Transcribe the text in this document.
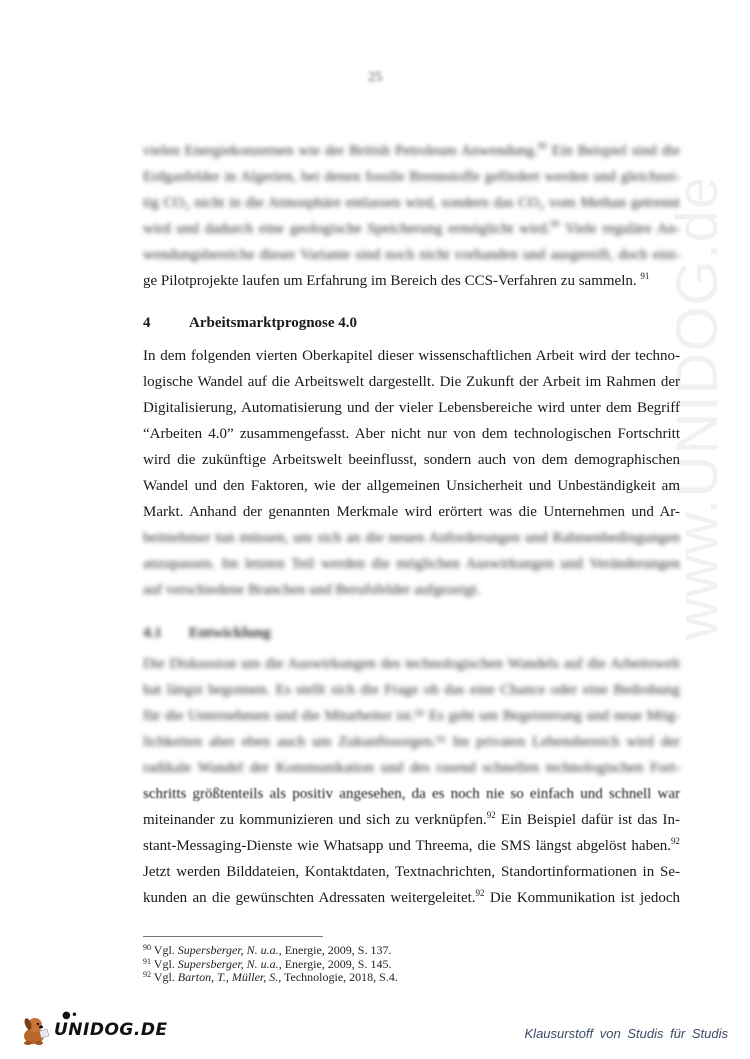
www.UNIDOG.de
25
vielen Energiekonzernen wie der British Petroleum Anwendung.$^{90}$ Ein Beispiel sind die
Erdgasfelder in Algerien, bei denen fossile Brennstoffe gefördert werden und gleichzei-
tig CO₂ nicht in die Atmosphäre entlassen wird, sondern das CO₂ vom Methan getrennt
wird und dadurch eine geologische Speicherung ermöglicht wird.$^{90}$ Viele reguläre An-
wendungsbereiche dieser Variante sind noch nicht vorhanden und ausgereift, doch eini-
ge Pilotprojekte laufen um Erfahrung im Bereich des CCS-Verfahren zu sammeln. $^{91}$
4	Arbeitsmarktprognose 4.0
In dem folgenden vierten Oberkapitel dieser wissenschaftlichen Arbeit wird der techno-
logische Wandel auf die Arbeitswelt dargestellt. Die Zukunft der Arbeit im Rahmen der
Digitalisierung, Automatisierung und der vieler Lebensbereiche wird unter dem Begriff
“Arbeiten 4.0” zusammengefasst. Aber nicht nur von dem technologischen Fortschritt
wird die zukünftige Arbeitswelt beeinflusst, sondern auch von dem demographischen
Wandel und den Faktoren, wie der allgemeinen Unsicherheit und Unbeständigkeit am
Markt. Anhand der genannten Merkmale wird erörtert was die Unternehmen und Ar-
beitnehmer tun müssen, um sich an die neuen Anforderungen und Rahmenbedingungen
anzupassen. Im letzten Teil werden die möglichen Auswirkungen und Veränderungen
auf verschiedene Branchen und Berufsfelder aufgezeigt.
4.1 Entwicklung
Die Diskussion um die Auswirkungen des technologischen Wandels auf die Arbeitswelt
hat längst begonnen. Es stellt sich die Frage ob das eine Chance oder eine Bedrohung
für die Unternehmen und die Mitarbeiter ist.⁹² Es geht um Begeisterung und neue Mög-
lichkeiten aber eben auch um Zukunftssorgen.⁹² Im privaten Lebensbereich wird der
radikale Wandel der Kommunikation und des rasend schnellen technologischen Fort-
schritts größtenteils als positiv angesehen, da es noch nie so einfach und schnell war
miteinander zu kommunizieren und sich zu verknüpfen.$^{92}$ Ein Beispiel dafür ist das In-
stant-Messaging-Dienste wie Whatsapp und Threema, die SMS längst abgelöst haben.$^{92}$
Jetzt werden Bilddateien, Kontaktdaten, Textnachrichten, Standortinformationen in Se-
kunden an die gewünschten Adressaten weitergeleitet.$^{92}$ Die Kommunikation ist jedoch
$^{90}$ Vgl. Supersberger, N. u.a., Energie, 2009, S. 137.
$^{91}$ Vgl. Supersberger, N. u.a., Energie, 2009, S. 145.
$^{92}$ Vgl. Barton, T., Müller, S., Technologie, 2018, S.4.
●•
UNIDOG.DE	Klausurstoff von Studis für Studis
